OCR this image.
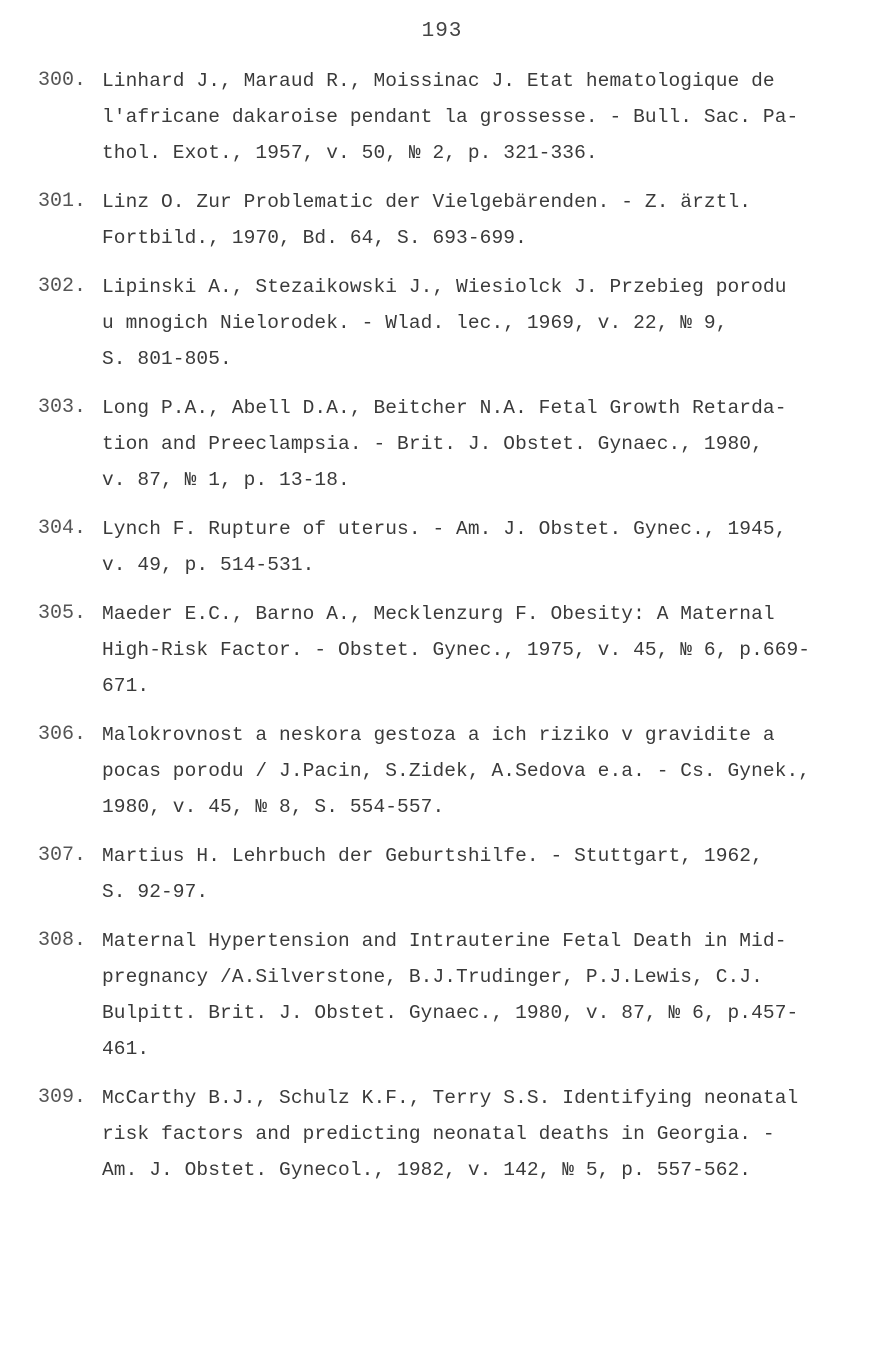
193
300. Linhard J., Maraud R., Moissinac J. Etat hematologique de
l'africane dakaroise pendant la grossesse. - Bull. Sac. Pa-
thol. Exot., 1957, v. 50, № 2, p. 321-336.
301. Linz O. Zur Problematic der Vielgebärenden. - Z. ärztl.
Fortbild., 1970, Bd. 64, S. 693-699.
302. Lipinski A., Stezaikowski J., Wiesiolck J. Przebieg porodu
u mnogich Nielorodek. - Wlad. lec., 1969, v. 22, № 9,
S. 801-805.
303. Long P.A., Abell D.A., Beitcher N.A. Fetal Growth Retarda-
tion and Preeclampsia. - Brit. J. Obstet. Gynaec., 1980,
v. 87, № 1, p. 13-18.
304. Lynch F. Rupture of uterus. - Am. J. Obstet. Gynec., 1945,
v. 49, p. 514-531.
305. Maeder E.C., Barno A., Mecklenzurg F. Obesity: A Maternal
High-Risk Factor. - Obstet. Gynec., 1975, v. 45, № 6, p.669-
671.
306. Malokrovnost a neskora gestoza a ich riziko v gravidite a
pocas porodu / J.Pacin, S.Zidek, A.Sedova e.a. - Cs. Gynek.,
1980, v. 45, № 8, S. 554-557.
307. Martius H. Lehrbuch der Geburtshilfe. - Stuttgart, 1962,
S. 92-97.
308. Maternal Hypertension and Intrauterine Fetal Death in Mid-
pregnancy /A.Silverstone, B.J.Trudinger, P.J.Lewis, C.J.
Bulpitt. Brit. J. Obstet. Gynaec., 1980, v. 87, № 6, p.457-
461.
309. McCarthy B.J., Schulz K.F., Terry S.S. Identifying neonatal
risk factors and predicting neonatal deaths in Georgia. -
Am. J. Obstet. Gynecol., 1982, v. 142, № 5, p. 557-562.
